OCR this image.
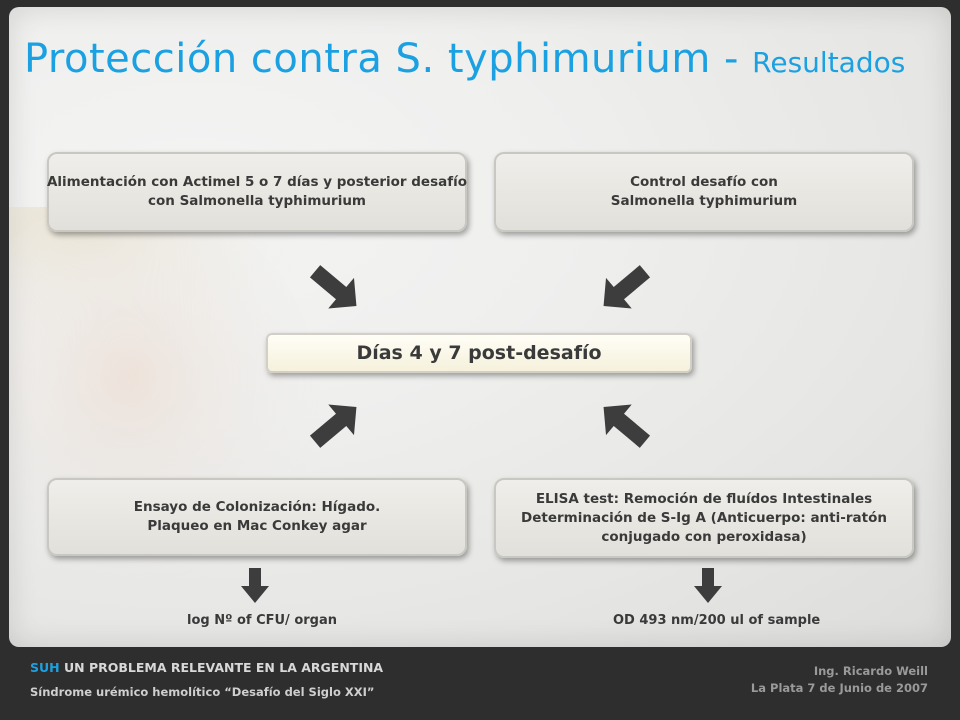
Protección contra S. typhimurium - Resultados
Alimentación con Actimel 5 o 7 días y posterior desafío
con Salmonella typhimurium
Control desafío con
Salmonella typhimurium
Días 4 y 7 post-desafío
Ensayo de Colonización: Hígado.
Plaqueo en Mac Conkey agar
ELISA test: Remoción de fluídos Intestinales
Determinación de S-Ig A (Anticuerpo: anti-ratón
conjugado con peroxidasa)
log Nº of CFU/ organ	OD 493 nm/200 ul of sample
SUH UN PROBLEMA RELEVANTE EN LA ARGENTINA
Síndrome urémico hemolítico “Desafío del Siglo XXI”
Ing. Ricardo Weill
La Plata 7 de Junio de 2007
